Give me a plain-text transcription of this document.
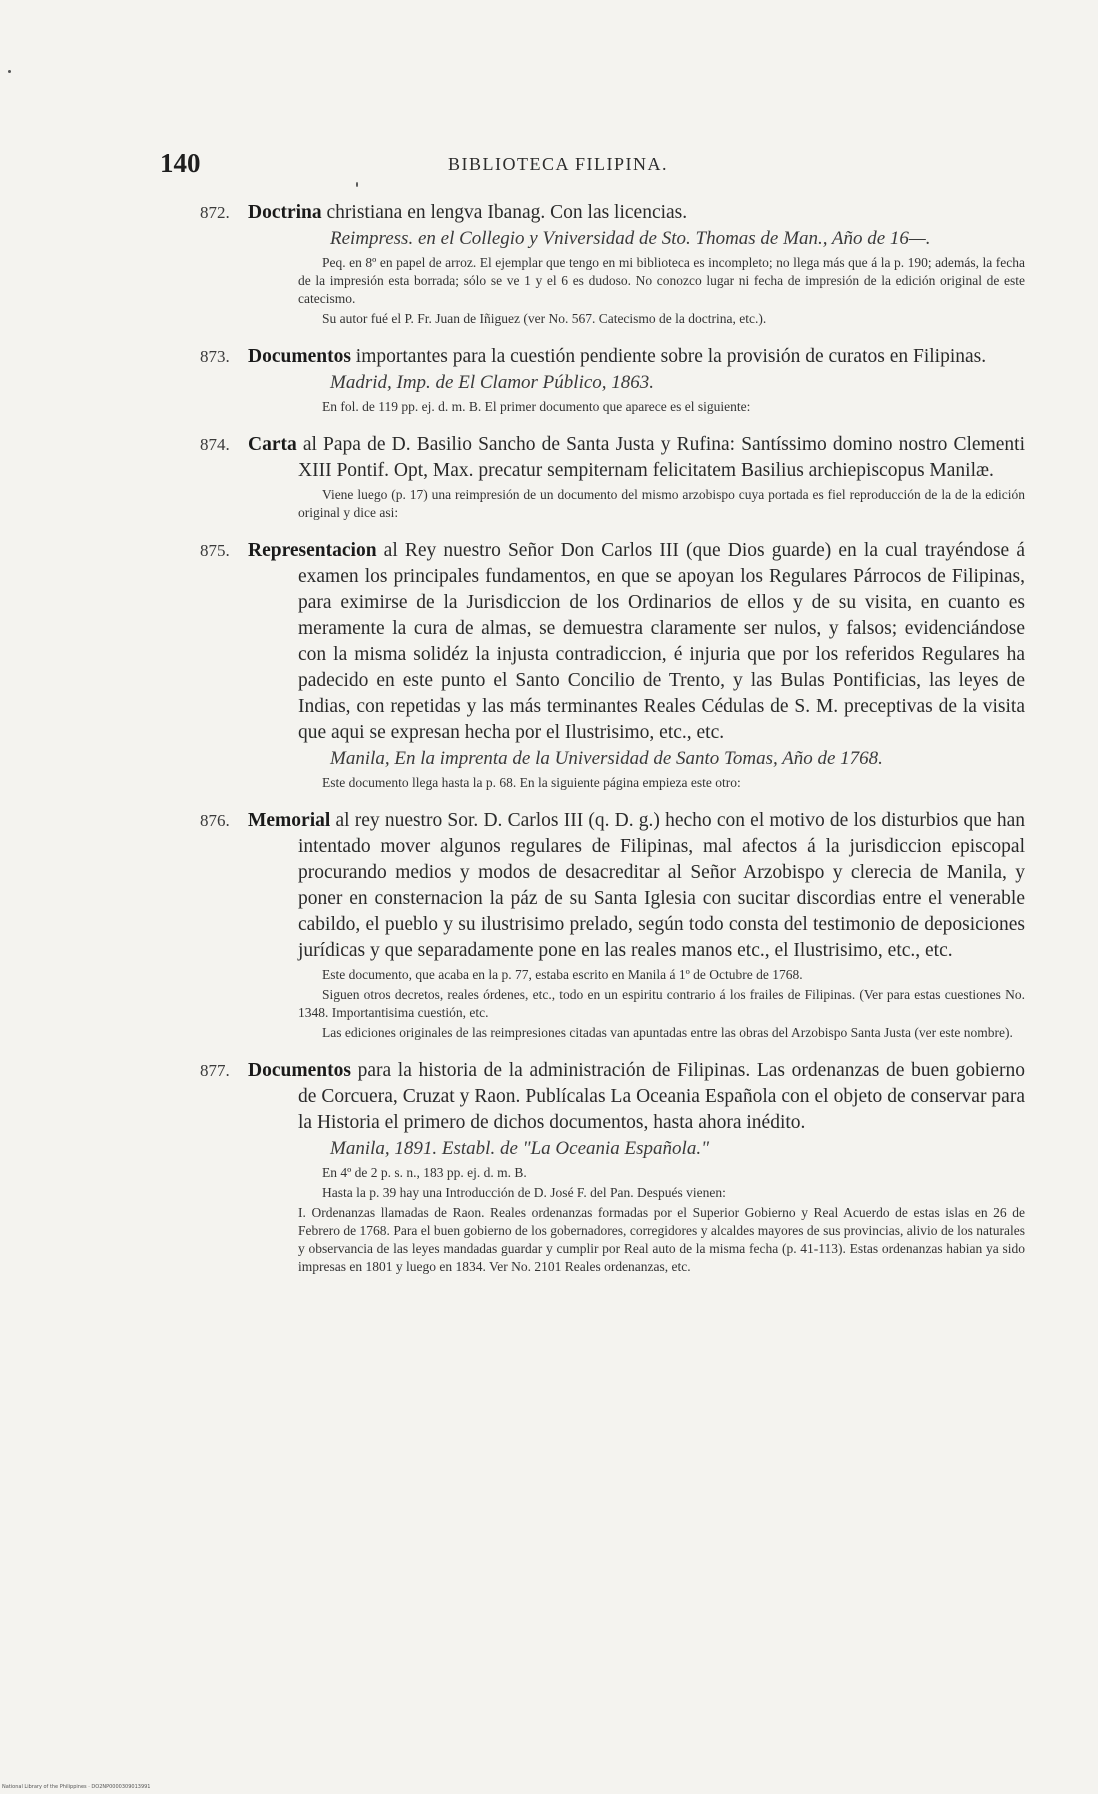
140	BIBLIOTECA FILIPINA.
872. Doctrina christiana en lengva Ibanag. Con las licencias.
Reimpress. en el Collegio y Vniversidad de Sto. Thomas de Man., Año de 16—.
Peq. en 8º en papel de arroz. El ejemplar que tengo en mi biblioteca es incompleto; no llega más que á la p. 190; además, la fecha de la impresión esta borrada; sólo se ve 1 y el 6 es dudoso. No conozco lugar ni fecha de impresión de la edición original de este catecismo.
Su autor fué el P. Fr. Juan de Iñiguez (ver No. 567. Catecismo de la doctrina, etc.).
873. Documentos importantes para la cuestión pendiente sobre la provisión de curatos en Filipinas.
Madrid, Imp. de El Clamor Público, 1863.
En fol. de 119 pp. ej. d. m. B. El primer documento que aparece es el siguiente:
874. Carta al Papa de D. Basilio Sancho de Santa Justa y Rufina: Santíssimo domino nostro Clementi XIII Pontif. Opt, Max. precatur sempiternam felicitatem Basilius archiepiscopus Manilæ.
Viene luego (p. 17) una reimpresión de un documento del mismo arzobispo cuya portada es fiel reproducción de la de la edición original y dice asi:
875. Representacion al Rey nuestro Señor Don Carlos III (que Dios guarde) en la cual trayéndose á examen los principales fundamentos, en que se apoyan los Regulares Párrocos de Filipinas, para eximirse de la Jurisdiccion de los Ordinarios de ellos y de su visita, en cuanto es meramente la cura de almas, se demuestra claramente ser nulos, y falsos; evidenciándose con la misma solidéz la injusta contradiccion, é injuria que por los referidos Regulares ha padecido en este punto el Santo Concilio de Trento, y las Bulas Pontificias, las leyes de Indias, con repetidas y las más terminantes Reales Cédulas de S. M. preceptivas de la visita que aqui se expresan hecha por el Ilustrisimo, etc., etc.
Manila, En la imprenta de la Universidad de Santo Tomas, Año de 1768.
Este documento llega hasta la p. 68. En la siguiente página empieza este otro:
876. Memorial al rey nuestro Sor. D. Carlos III (q. D. g.) hecho con el motivo de los disturbios que han intentado mover algunos regulares de Filipinas, mal afectos á la jurisdiccion episcopal procurando medios y modos de desacreditar al Señor Arzobispo y clerecia de Manila, y poner en consternacion la páz de su Santa Iglesia con sucitar discordias entre el venerable cabildo, el pueblo y su ilustrisimo prelado, según todo consta del testimonio de deposiciones jurídicas y que separadamente pone en las reales manos etc., el Ilustrisimo, etc., etc.
Este documento, que acaba en la p. 77, estaba escrito en Manila á 1º de Octubre de 1768.
Siguen otros decretos, reales órdenes, etc., todo en un espiritu contrario á los frailes de Filipinas. (Ver para estas cuestiones No. 1348. Importantisima cuestión, etc.
Las ediciones originales de las reimpresiones citadas van apuntadas entre las obras del Arzobispo Santa Justa (ver este nombre).
877. Documentos para la historia de la administración de Filipinas. Las ordenanzas de buen gobierno de Corcuera, Cruzat y Raon. Publícalas La Oceania Española con el objeto de conservar para la Historia el primero de dichos documentos, hasta ahora inédito.
Manila, 1891. Establ. de "La Oceania Española."
En 4º de 2 p. s. n., 183 pp. ej. d. m. B.
Hasta la p. 39 hay una Introducción de D. José F. del Pan. Después vienen:
I. Ordenanzas llamadas de Raon. Reales ordenanzas formadas por el Superior Gobierno y Real Acuerdo de estas islas en 26 de Febrero de 1768. Para el buen gobierno de los gobernadores, corregidores y alcaldes mayores de sus provincias, alivio de los naturales y observancia de las leyes mandadas guardar y cumplir por Real auto de la misma fecha (p. 41-113). Estas ordenanzas habian ya sido impresas en 1801 y luego en 1834. Ver No. 2101 Reales ordenanzas, etc.
National Library of the Philippines · DO2NP0000309013991
